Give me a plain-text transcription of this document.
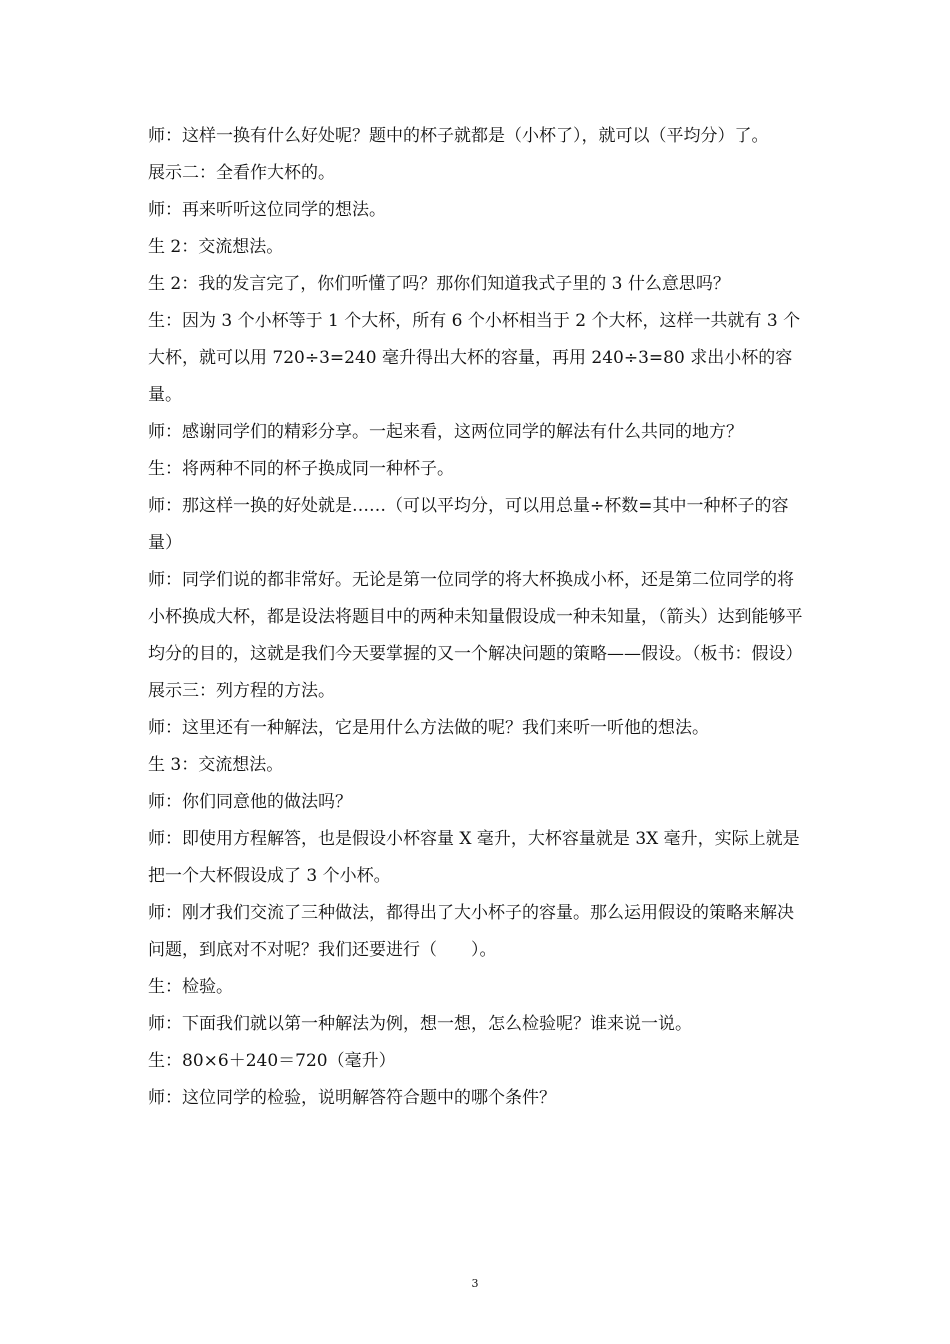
师：这样一换有什么好处呢？题中的杯子就都是（小杯了），就可以（平均分）了。

展示二：全看作大杯的。

师：再来听听这位同学的想法。

生 2：交流想法。

生 2：我的发言完了，你们听懂了吗？那你们知道我式子里的 3 什么意思吗？

生：因为 3 个小杯等于 1 个大杯，所有 6 个小杯相当于 2 个大杯，这样一共就有 3 个大杯，就可以用 720÷3=240 毫升得出大杯的容量，再用 240÷3=80 求出小杯的容量。

师：感谢同学们的精彩分享。一起来看，这两位同学的解法有什么共同的地方？

生：将两种不同的杯子换成同一种杯子。

师：那这样一换的好处就是……（可以平均分，可以用总量÷杯数=其中一种杯子的容量）

师：同学们说的都非常好。无论是第一位同学的将大杯换成小杯，还是第二位同学的将小杯换成大杯，都是设法将题目中的两种未知量假设成一种未知量，（箭头）达到能够平均分的目的，这就是我们今天要掌握的又一个解决问题的策略——假设。（板书：假设）

展示三：列方程的方法。

师：这里还有一种解法，它是用什么方法做的呢？我们来听一听他的想法。

生 3：交流想法。

师：你们同意他的做法吗？

师：即使用方程解答，也是假设小杯容量 X 毫升，大杯容量就是 3X 毫升，实际上就是把一个大杯假设成了 3 个小杯。

师：刚才我们交流了三种做法，都得出了大小杯子的容量。那么运用假设的策略来解决问题，到底对不对呢？我们还要进行（　　）。

生：检验。

师：下面我们就以第一种解法为例，想一想，怎么检验呢？谁来说一说。

生：80×6＋240＝720（毫升）

师：这位同学的检验，说明解答符合题中的哪个条件？

3
